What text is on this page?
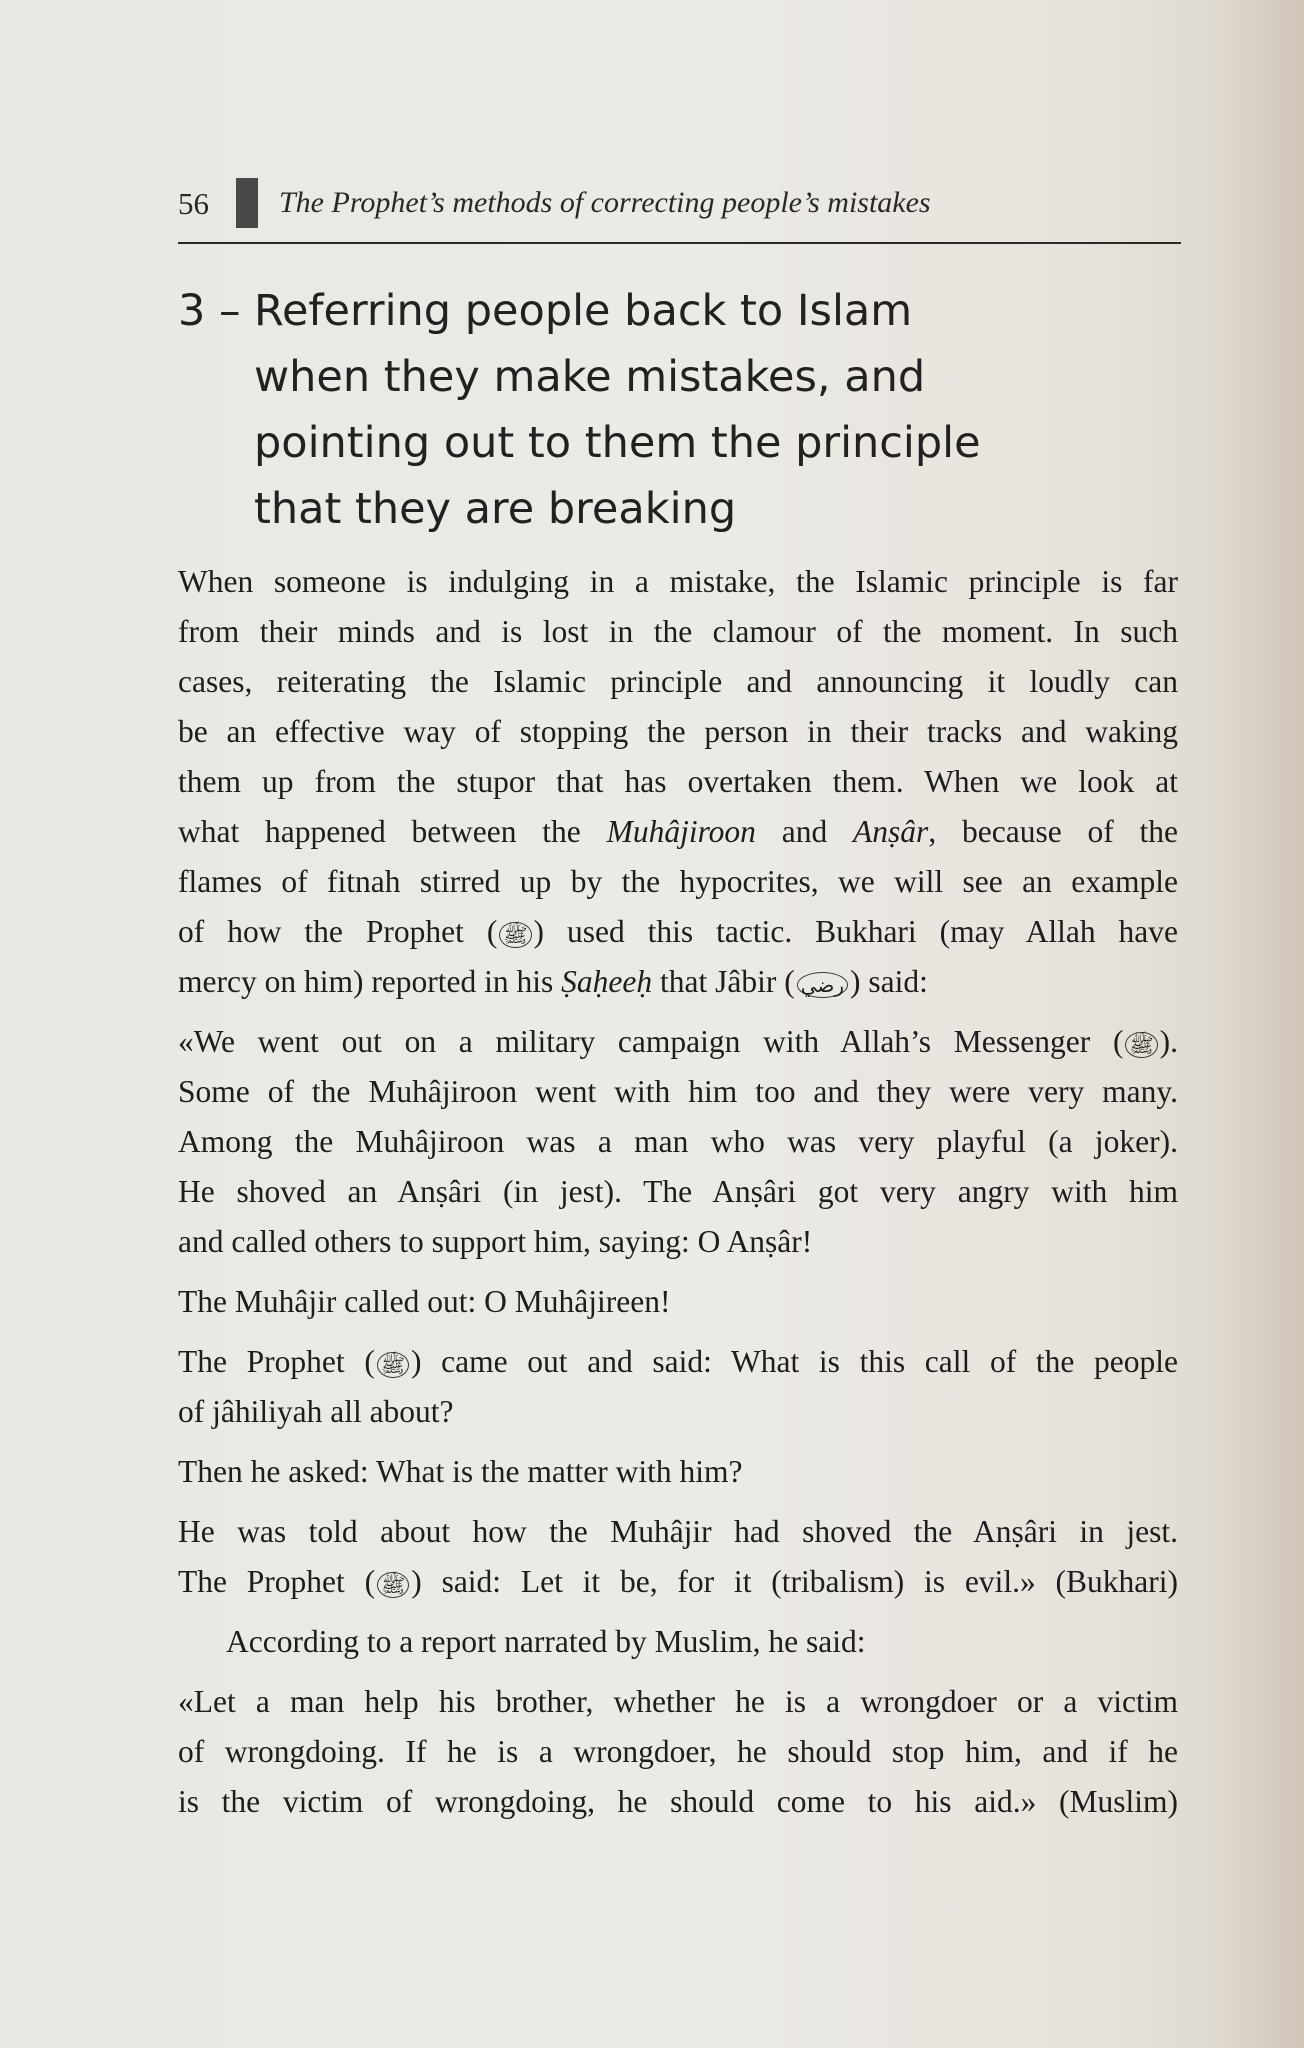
56 The Prophet’s methods of correcting people’s mistakes
3 – Referring people back to Islam
when they make mistakes, and
pointing out to them the principle
that they are breaking
When someone is indulging in a mistake, the Islamic principle is far
from their minds and is lost in the clamour of the moment. In such
cases, reiterating the Islamic principle and announcing it loudly can
be an effective way of stopping the person in their tracks and waking
them up from the stupor that has overtaken them. When we look at
what happened between the Muhâjiroon and Anṣâr, because of the
flames of fitnah stirred up by the hypocrites, we will see an example
of how the Prophet ( ﷺ ) used this tactic. Bukhari (may Allah have
mercy on him) reported in his Ṣaḥeeḥ that Jâbir ( رضي ) said:
«We went out on a military campaign with Allah’s Messenger ( ﷺ ).
Some of the Muhâjiroon went with him too and they were very many.
Among the Muhâjiroon was a man who was very playful (a joker).
He shoved an Anṣâri (in jest). The Anṣâri got very angry with him
and called others to support him, saying: O Anṣâr!
The Muhâjir called out: O Muhâjireen!
The Prophet ( ﷺ ) came out and said: What is this call of the people
of jâhiliyah all about?
Then he asked: What is the matter with him?
He was told about how the Muhâjir had shoved the Anṣâri in jest.
The Prophet ( ﷺ ) said: Let it be, for it (tribalism) is evil.» (Bukhari)
According to a report narrated by Muslim, he said:
«Let a man help his brother, whether he is a wrongdoer or a victim
of wrongdoing. If he is a wrongdoer, he should stop him, and if he
is the victim of wrongdoing, he should come to his aid.» (Muslim)
